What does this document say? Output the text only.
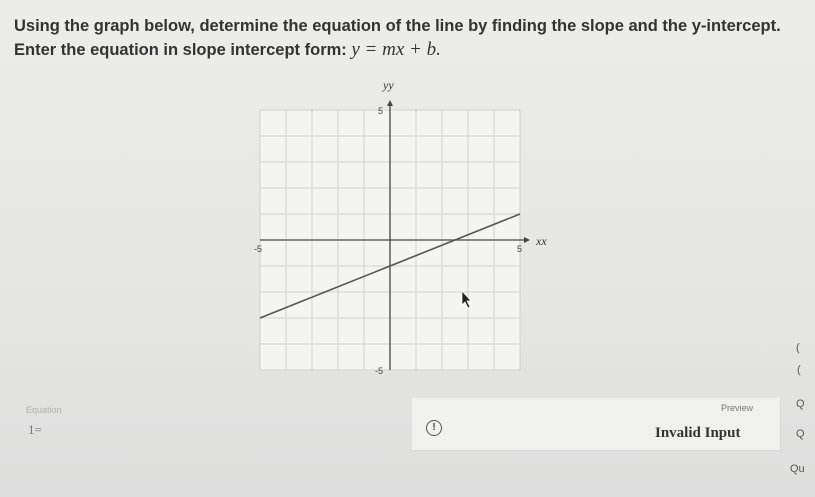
Using the graph below, determine the equation of the line by finding the slope and the y-intercept. Enter the equation in slope intercept form: y = mx + b.
-5	5
5
-5
yy
xx
Equation
1=	!
Preview
Invalid Input
(
(
Q
Q
Qu
